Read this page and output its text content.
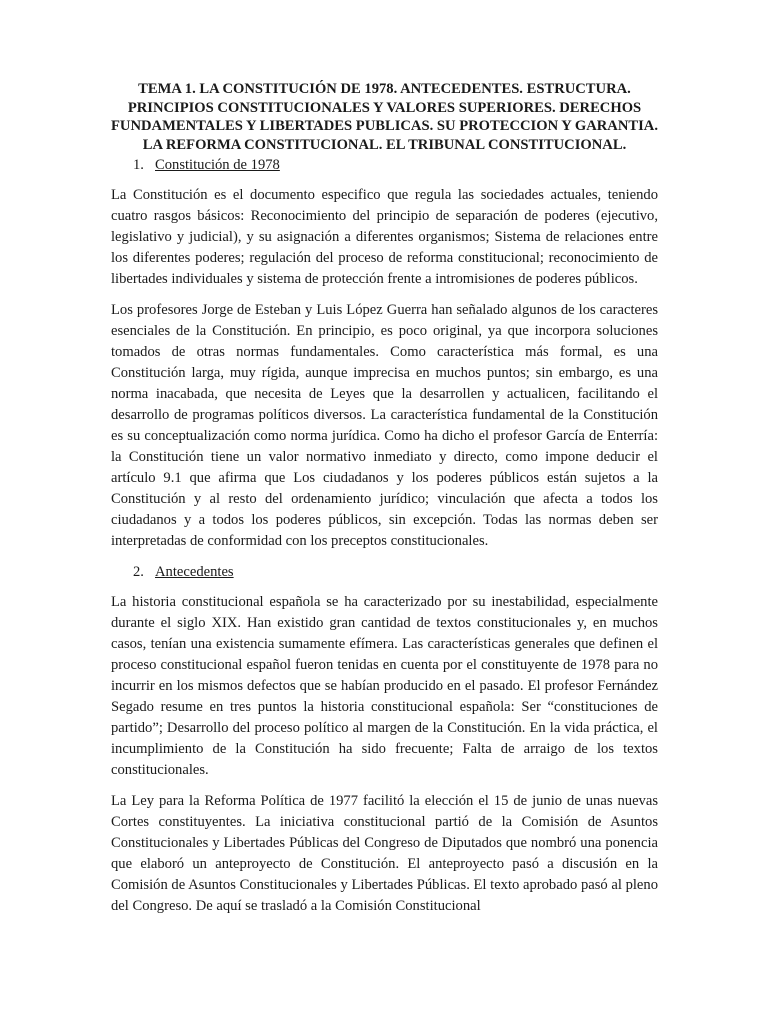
TEMA 1. LA CONSTITUCIÓN DE 1978. ANTECEDENTES. ESTRUCTURA. PRINCIPIOS CONSTITUCIONALES Y VALORES SUPERIORES. DERECHOS FUNDAMENTALES Y LIBERTADES PUBLICAS. SU PROTECCION Y GARANTIA. LA REFORMA CONSTITUCIONAL. EL TRIBUNAL CONSTITUCIONAL.
1. Constitución de 1978

La Constitución es el documento especifico que regula las sociedades actuales, teniendo cuatro rasgos básicos: Reconocimiento del principio de separación de poderes (ejecutivo, legislativo y judicial), y su asignación a diferentes organismos; Sistema de relaciones entre los diferentes poderes; regulación del proceso de reforma constitucional; reconocimiento de libertades individuales y sistema de protección frente a intromisiones de poderes públicos.

Los profesores Jorge de Esteban y Luis López Guerra han señalado algunos de los caracteres esenciales de la Constitución. En principio, es poco original, ya que incorpora soluciones tomados de otras normas fundamentales. Como característica más formal, es una Constitución larga, muy rígida, aunque imprecisa en muchos puntos; sin embargo, es una norma inacabada, que necesita de Leyes que la desarrollen y actualicen, facilitando el desarrollo de programas políticos diversos. La característica fundamental de la Constitución es su conceptualización como norma jurídica. Como ha dicho el profesor García de Enterría: la Constitución tiene un valor normativo inmediato y directo, como impone deducir el artículo 9.1 que afirma que Los ciudadanos y los poderes públicos están sujetos a la Constitución y al resto del ordenamiento jurídico; vinculación que afecta a todos los ciudadanos y a todos los poderes públicos, sin excepción. Todas las normas deben ser interpretadas de conformidad con los preceptos constitucionales.

2. Antecedentes

La historia constitucional española se ha caracterizado por su inestabilidad, especialmente durante el siglo XIX. Han existido gran cantidad de textos constitucionales y, en muchos casos, tenían una existencia sumamente efímera. Las características generales que definen el proceso constitucional español fueron tenidas en cuenta por el constituyente de 1978 para no incurrir en los mismos defectos que se habían producido en el pasado. El profesor Fernández Segado resume en tres puntos la historia constitucional española: Ser “constituciones de partido”; Desarrollo del proceso político al margen de la Constitución. En la vida práctica, el incumplimiento de la Constitución ha sido frecuente; Falta de arraigo de los textos constitucionales.

La Ley para la Reforma Política de 1977 facilitó la elección el 15 de junio de unas nuevas Cortes constituyentes. La iniciativa constitucional partió de la Comisión de Asuntos Constitucionales y Libertades Públicas del Congreso de Diputados que nombró una ponencia que elaboró un anteproyecto de Constitución. El anteproyecto pasó a discusión en la Comisión de Asuntos Constitucionales y Libertades Públicas. El texto aprobado pasó al pleno del Congreso. De aquí se trasladó a la Comisión Constitucional
